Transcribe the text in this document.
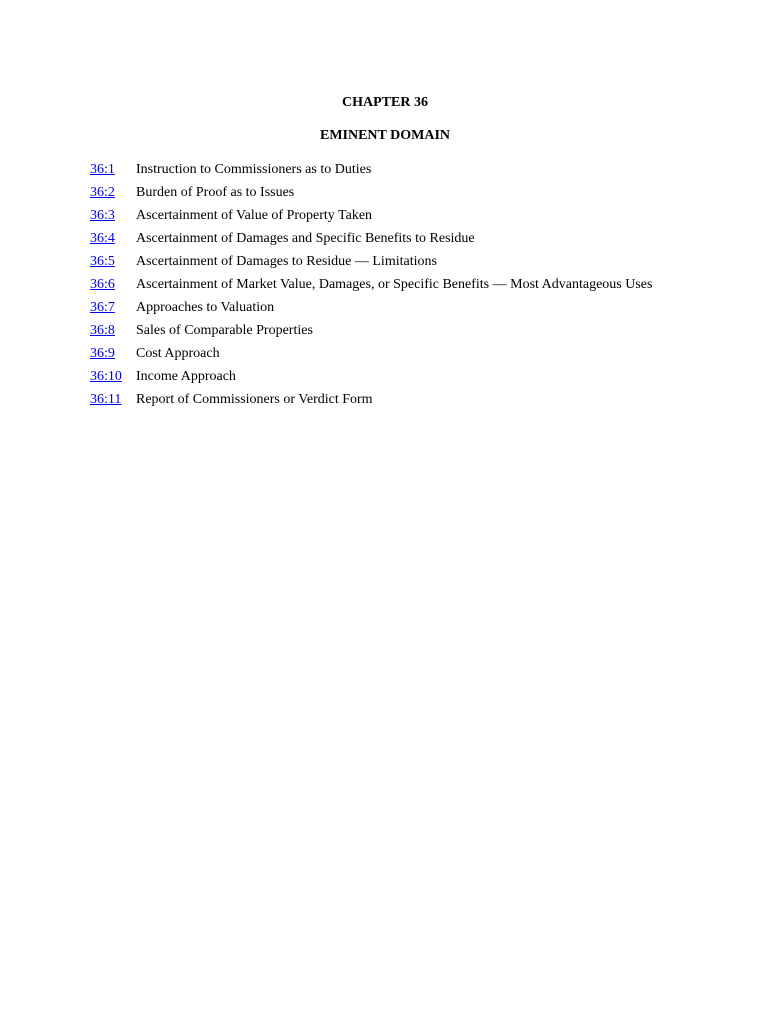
CHAPTER 36
EMINENT DOMAIN
36:1	Instruction to Commissioners as to Duties
36:2	Burden of Proof as to Issues
36:3	Ascertainment of Value of Property Taken
36:4	Ascertainment of Damages and Specific Benefits to Residue
36:5	Ascertainment of Damages to Residue — Limitations
36:6	Ascertainment of Market Value, Damages, or Specific Benefits — Most Advantageous Uses
36:7	Approaches to Valuation
36:8	Sales of Comparable Properties
36:9	Cost Approach
36:10	Income Approach
36:11	Report of Commissioners or Verdict Form
